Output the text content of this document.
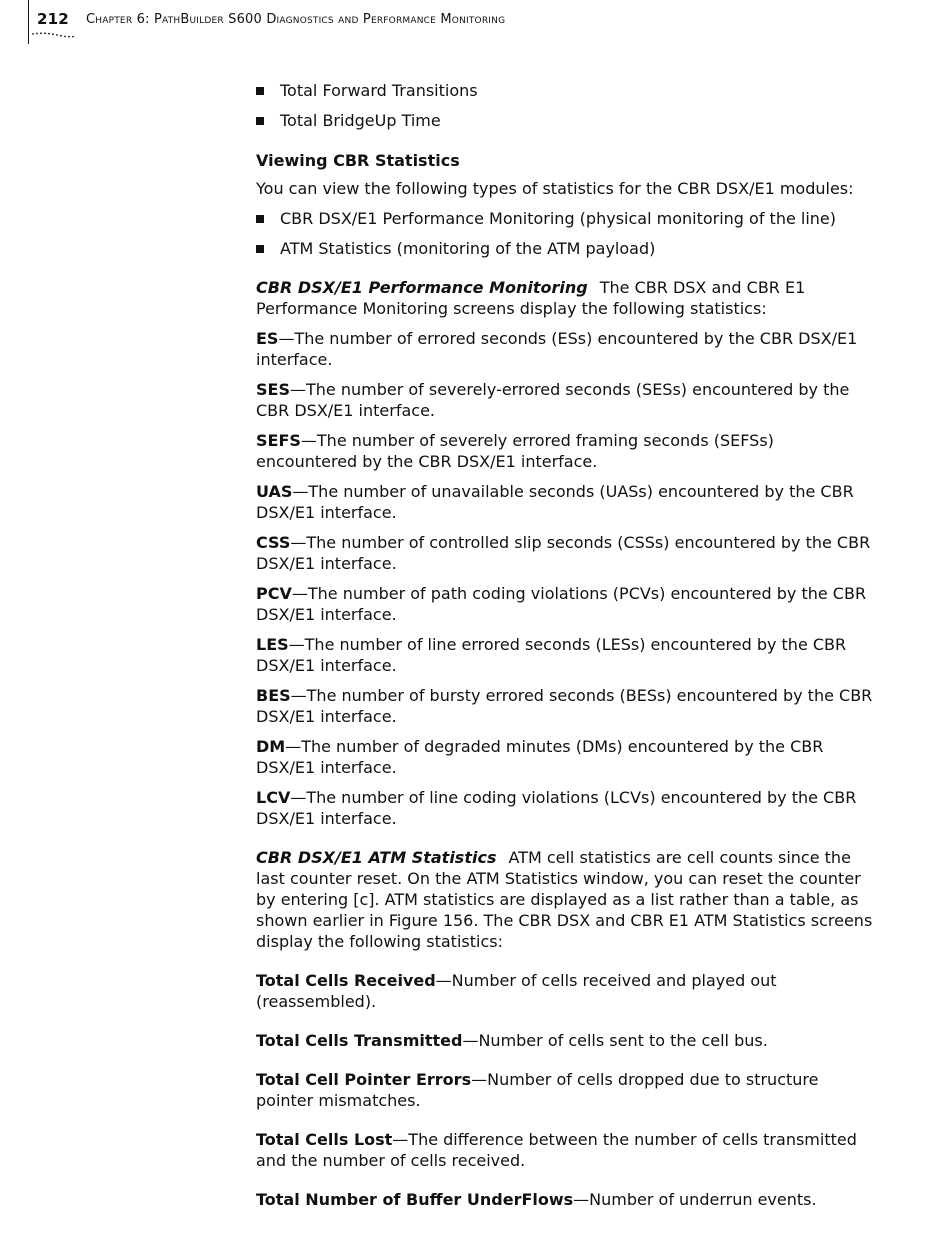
212 Chapter 6: PathBuilder S600 Diagnostics and Performance Monitoring
Total Forward Transitions
Total BridgeUp Time
Viewing CBR Statistics

You can view the following types of statistics for the CBR DSX/E1 modules:

CBR DSX/E1 Performance Monitoring (physical monitoring of the line)
ATM Statistics (monitoring of the ATM payload)

CBR DSX/E1 Performance Monitoring The CBR DSX and CBR E1 Performance Monitoring screens display the following statistics:

ES—The number of errored seconds (ESs) encountered by the CBR DSX/E1 interface.

SES—The number of severely-errored seconds (SESs) encountered by the CBR DSX/E1 interface.

SEFS—The number of severely errored framing seconds (SEFSs) encountered by the CBR DSX/E1 interface.

UAS—The number of unavailable seconds (UASs) encountered by the CBR DSX/E1 interface.

CSS—The number of controlled slip seconds (CSSs) encountered by the CBR DSX/E1 interface.

PCV—The number of path coding violations (PCVs) encountered by the CBR DSX/E1 interface.

LES—The number of line errored seconds (LESs) encountered by the CBR DSX/E1 interface.

BES—The number of bursty errored seconds (BESs) encountered by the CBR DSX/E1 interface.

DM—The number of degraded minutes (DMs) encountered by the CBR DSX/E1 interface.

LCV—The number of line coding violations (LCVs) encountered by the CBR DSX/E1 interface.

CBR DSX/E1 ATM Statistics ATM cell statistics are cell counts since the last counter reset. On the ATM Statistics window, you can reset the counter by entering [c]. ATM statistics are displayed as a list rather than a table, as shown earlier in Figure 156. The CBR DSX and CBR E1 ATM Statistics screens display the following statistics:

Total Cells Received—Number of cells received and played out (reassembled).

Total Cells Transmitted—Number of cells sent to the cell bus.

Total Cell Pointer Errors—Number of cells dropped due to structure pointer mismatches.

Total Cells Lost—The difference between the number of cells transmitted and the number of cells received.

Total Number of Buffer UnderFlows—Number of underrun events.
